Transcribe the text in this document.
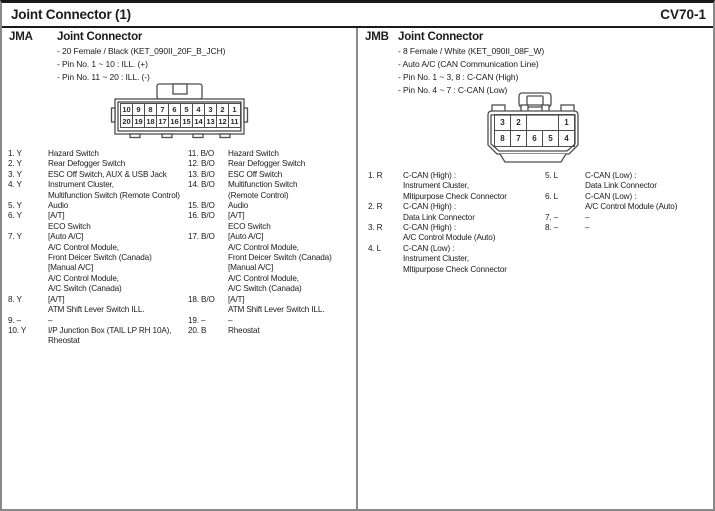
Joint Connector (1)	CV70-1
JMA Joint Connector
- 20 Female / Black (KET_090II_20F_B_JCH)
- Pin No. 1 ~ 10 : ILL. (+)
- Pin No. 11 ~ 20 : ILL. (-)
10	9	8	7	6	5	4	3	2	1
20	19	18	17	16	15	14	13	12	11
1. Y	Hazard Switch	11. B/O	Hazard Switch
2. Y	Rear Defogger Switch	12. B/O	Rear Defogger Switch
3. Y	ESC Off Switch, AUX & USB Jack	13. B/O	ESC Off Switch
4. Y	Instrument Cluster,	14. B/O	Multifunction Switch
	Multifunction Switch (Remote Control)		(Remote Control)
5. Y	Audio	15. B/O	Audio
6. Y	[A/T]	16. B/O	[A/T]
	ECO Switch		ECO Switch
7. Y	[Auto A/C]	17. B/O	[Auto A/C]
	A/C Control Module,		A/C Control Module,
	Front Deicer Switch (Canada)		Front Deicer Switch (Canada)
	[Manual A/C]		[Manual A/C]
	A/C Control Module,		A/C Control Module,
	A/C Switch (Canada)		A/C Switch (Canada)
8. Y	[A/T]	18. B/O	[A/T]
	ATM Shift Lever Switch ILL.		ATM Shift Lever Switch ILL.
9. –	–	19. –	–
10. Y	I/P Junction Box (TAIL LP RH 10A),	20. B	Rheostat
	Rheostat		
JMB Joint Connector
- 8 Female / White (KET_090II_08F_W)
- Auto A/C (CAN Communication Line)
- Pin No. 1 ~ 3, 8 : C-CAN (High)
- Pin No. 4 ~ 7 : C-CAN (Low)
3	2			1
8	7	6	5	4
1. R	C-CAN (High) :	5. L	C-CAN (Low) :
	Instrument Cluster,		Data Link Connector
	Mltipurpose Check Connector	6. L	C-CAN (Low) :
2. R	C-CAN (High) :		A/C Control Module (Auto)
	Data Link Connector	7. –	–
3. R	C-CAN (High) :	8. –	–
	A/C Control Module (Auto)		
4. L	C-CAN (Low) :		
	Instrument Cluster,		
	Mltipurpose Check Connector		
